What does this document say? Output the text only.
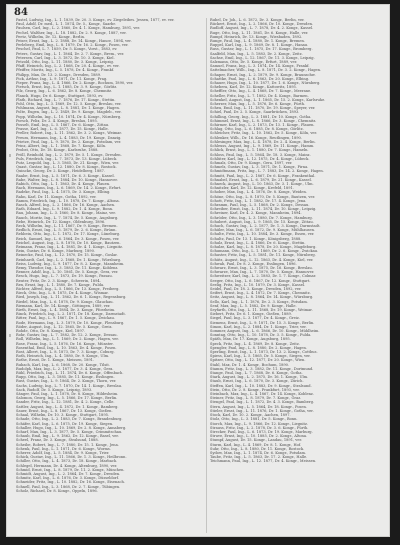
84

Pastel, Ludwig, Ing., L. 1. 1839, Dr. 20. 3. Kongr., ev. Ziegeleibes. Jessen, 1877, ev. ver.

Paul, Adolf, Dr. med., L. 1. 1874, Dr. 5., Kongr., Saarbr.

Paulsen, Carl, Ing., L. 2. 1860, Dr. 4. 1. Kongr., Hamburg, 1891, ver.

Pechel, Walther, Ing., L. 18. 1882, Dr. 2. 9. Kongr., 1887, ver.

Peetz, Wilhelm, Dr. 12. Kongr., Berlin.

Peiser, Ernst, Ing., L. 2. 1888, Dr. 14. Kongr., Hanov., 1894, ver.

Perleberg, Emil, Ing., L. 8. 1879, Dr. 16. 2. Kongr., Posen, ver.

Peschel, Paul, L. 7. 1859, Dr. 5. Kongr., Vorst., 1883, ev.

Peters, Gustav, Ing., L. 1. 1864, Dr. 2. 7. Kongr., Brem., ver.

Petersen, Carl, Ing., L. 3. 1872, Dr. 10. 3. Kongr., Kiel.

Petzold, Otto, Ing., L. 11. 1880, Dr. 3. Kongr., Leipzig.

Pfaff, Heinrich, Ing., L. 2. 1868, Dr. 20. 4. Kongr., ev. ver.

Pfeiffer, Moritz, Ing., L. 5. 1878, Dr. 4. Kongr., Frankf.

Philipp, Max, Dr. 13. 2. Kongr., Dresden, 1889.

Pick, Arthur, Ing., L. 9. 1871, Dr. 11. Kongr., Prag.

Pieper, Franz, Ing., L. 4. 1866, Dr. 2. Kongr., Bochum, 1890, ver.

Pietsch, Ernst, Ing., L. 1. 1885, Dr. 3. 9. Kongr., Görlitz.

Pilz, Georg, Ing., L. 6. 1862, Dr. 8. Kongr., Chemnitz.

Planck, Hugo, Dr. 6. Kongr., Stuttgart, 1893, ev.

Plath, Richard, Ing., L. 7. 1876, Dr. 17. Kongr., Stettin.

Pohl, Otto, Ing., L. 3. 1869, Dr. 12. 5. Kongr., Breslau, ver.

Pohlmann, August, Ing., L. 8. 1881, Dr. 1. Kongr., Hagen.

Polte, Eugen, Ing., L. 2. 1849, Dr. 9. Kongr., Magdeb., ver.

Popp, Wilhelm, Ing., L. 10. 1874, Dr. 4. Kongr., Nürnberg.

Porsch, Felix, Dr. 2. 4. Kongr., Breslau, 1895.

Posselt, Emil, Ing., L. 5. 1867, Dr. 6. Kongr., Zittau.

Prasse, Karl, Ing., L. 6. 1877, Dr. 15. Kongr., Halle.

Preller, Robert, Ing., L. 11. 1862, Dr. 3. 2. Kongr., Weimar.

Preuss, Hermann, Ing., L. 4. 1883, Dr. 19. Kongr., Danzig.

Prietze, Paul, Ing., L. 9. 1870, Dr. 2. Kongr., Potsdam, ver.

Prinz, Albert, Ing., L. 1. 1868, Dr. 7. Kongr., Köln.

Probst, Otto, Dr. 18. Kongr., Karlsruhe, 1888.

Pröll, Reinhold, Ing., L. 2. 1879, Dr. 5. 1. Kongr., Dresden.

Puls, Friedrich, Ing., L. 7. 1873, Dr. 13. Kongr., Lübeck.

Putz, Leopold, Ing., L. 3. 1865, Dr. 21. Kongr., Wien, ver.

Quast, Gustav, Ing., L. 12. 1880, Dr. 8. Kongr., Rostock.

Quincke, Georg, Dr. 2. Kongr., Heidelberg, 1887.

Raabe, Ernst, Ing., L. 5. 1871, Dr. 6. 3. Kongr., Kassel.

Rabe, Walter, Ing., L. 8. 1884, Dr. 10. Kongr., Hannover.

Rabich, Otto, Ing., L. 1. 1863, Dr. 4. Kongr., Plauen.

Rach, Hermann, Ing., L. 6. 1869, Dr. 14. 2. Kongr., Erfurt.

Radeke, Paul, Ing., L. 4. 1875, Dr. 3. Kongr., Elbing.

Rahn, Karl, Dr. 11. Kongr., Gotha, 1892, ver.

Ramm, Friedrich, Ing., L. 10. 1878, Dr. 7. Kongr., Altona.

Rasch, Alfred, Ing., L. 2. 1866, Dr. 16. Kongr., Aachen.

Rath, Eduard, Ing., L. 9. 1882, Dr. 1. 4. Kongr., Bonn.

Rau, Johann, Ing., L. 3. 1860, Dr. 8. Kongr., Mainz, ver.

Rauch, Moritz, Ing., L. 7. 1874, Dr. 5. Kongr., Augsburg.

Rebe, Heinrich, Dr. 12. Kongr., Oldenburg, 1896.

Reck, Wilhelm, Ing., L. 11. 1867, Dr. 9. Kongr., Bremen.

Redlich, Ernst, Ing., L. 5. 1879, Dr. 2. 6. Kongr., Brünn.

Rehbein, Otto, Ing., L. 1. 1872, Dr. 17. Kongr., Lüneburg.

Reich, Samuel, Ing., L. 6. 1864, Dr. 3. Kongr., Posen, ver.

Reichel, August, Ing., L. 8. 1876, Dr. 10. Kongr., Bautzen.

Reimann, Franz, Ing., L. 4. 1881, Dr. 4. 1. Kongr., Liegnitz.

Rein, Gustav, Dr. 6. Kongr., Marburg, 1890.

Reinecke, Paul, Ing., L. 12. 1870, Dr. 15. Kongr., Goslar.

Reinhardt, Carl, Ing., L. 2. 1868, Dr. 1. Kongr., Würzburg.

Reiss, Ludwig, Ing., L. 9. 1877, Dr. 8. 2. Kongr., Mannheim.

Remy, Theodor, Ing., L. 3. 1883, Dr. 11. Kongr., Koblenz.

Renner, Adolf, Ing., L. 10. 1861, Dr. 5. Kongr., Gera, ver.

Resch, Hugo, Ing., L. 7. 1873, Dr. 19. Kongr., Passau.

Reuter, Fritz, Dr. 2. 3. Kongr., Schwerin, 1894.

Rex, Ernst, Ing., L. 1. 1880, Dr. 7. Kongr., Fulda.

Richter, Alfred, Ing., L. 5. 1866, Dr. 13. Kongr., Freiberg.

Rieck, Otto, Ing., L. 8. 1875, Dr. 4. Kongr., Wismar.

Ried, Joseph, Ing., L. 11. 1862, Dr. 6. 1. Kongr., Regensburg.

Riedel, Max, Ing., L. 6. 1878, Dr. 9. Kongr., Glauchau.

Riemann, Karl, Dr. 14. Kongr., Göttingen, 1889, ver.

Rieth, Ernst, Ing., L. 4. 1884, Dr. 3. Kongr., Pforzheim.

Rinck, Friedrich, Ing., L. 2. 1871, Dr. 18. Kongr., Darmstadt.

Ritter, Paul, Ing., L. 9. 1867, Dr. 1. 5. Kongr., Zwickau.

Rode, Hermann, Ing., L. 3. 1879, Dr. 10. Kongr., Flensburg.

Röder, August, Ing., L. 12. 1865, Dr. 5. Kongr., Greiz.

Rohde, Otto, Dr. 8. Kongr., Kiel, 1897.

Rohr, Gustav, Ing., L. 7. 1882, Dr. 12. 2. Kongr., Dessau.

Roll, Wilhelm, Ing., L. 1. 1869, Dr. 2. Kongr., Hagen, ver.

Rose, Franz, Ing., L. 5. 1876, Dr. 16. Kongr., Münster.

Rosenthal, Emil, Ing., L. 10. 1863, Dr. 4. Kongr., Posen.

Rost, Albert, Ing., L. 8. 1873, Dr. 7. 3. Kongr., Coburg.

Roth, Heinrich, Ing., L. 4. 1880, Dr. 9. Kongr., Ulm.

Rothe, Ernst, Dr. 1. Kongr., Meissen, 1891.

Rubach, Karl, Ing., L. 6. 1868, Dr. 20. Kongr., Tilsit.

Rudolph, Max, Ing., L. 2. 1877, Dr. 3. 4. Kongr., Gera.

Rühl, Friedrich, Ing., L. 11. 1874, Dr. 6. Kongr., Offenbach.

Rupp, Otto, Ing., L. 3. 1885, Dr. 11. Kongr., Esslingen.

Rust, Gustav, Ing., L. 9. 1864, Dr. 2. Kongr., Thorn, ver.

Sachs, Ludwig, Ing., L. 7. 1870, Dr. 14. 1. Kongr., Breslau.

Sack, Rudolf, Dr. 5. Kongr., Leipzig, 1893.

Sänger, Paul, Ing., L. 1. 1878, Dr. 8. Kongr., Hildesheim.

Salomon, Georg, Ing., L. 5. 1866, Dr. 17. Kongr., Berlin.

Sander, Fritz, Ing., L. 12. 1881, Dr. 4. 2. Kongr., Celle.

Sattler, August, Ing., L. 4. 1872, Dr. 1. Kongr., Bamberg.

Sauer, Ernst, Ing., L. 8. 1867, Dr. 13. Kongr., Gießen.

Schaal, Wilhelm, Dr. 10. 3. Kongr., Stuttgart, 1895.

Schade, Otto, Ing., L. 2. 1883, Dr. 7. Kongr., Brandenburg.

Schäfer, Karl, Ing., L. 6. 1875, Dr. 19. Kongr., Siegen.

Schaller, Hugo, Ing., L. 10. 1869, Dr. 2. 8. Kongr., Annaberg.

Scharf, Max, Ing., L. 3. 1877, Dr. 5. Kongr., Crimmitschau.

Schaub, Emil, Ing., L. 9. 1862, Dr. 12. Kongr., Basel, ver.

Scheel, Franz, Dr. 3. Kongr., Stralsund, 1888.

Scheibe, Robert, Ing., L. 7. 1880, Dr. 15. 1. Kongr., Jena.

Schenk, Paul, Ing., L. 1. 1871, Dr. 6. Kongr., Worms.

Scherer, Adolf, Ing., L. 5. 1884, Dr. 9. Kongr., Trier.

Schick, Gustav, Ing., L. 11. 1866, Dr. 1. 3. Kongr., Heilbronn.

Schiller, Otto, Ing., L. 4. 1873, Dr. 18. Kongr., Marbach.

Schlegel, Hermann, Dr. 4. Kongr., Altenburg, 1890, ver.

Schmid, Ernst, Ing., L. 8. 1879, Dr. 11. 2. Kongr., München.

Schmidt, August, Ing., L. 2. 1864, Dr. 7. Kongr., Dresden.

Schmitz, Karl, Ing., L. 6. 1876, Dr. 3. Kongr., Düsseldorf.

Schneider, Fritz, Ing., L. 10. 1882, Dr. 16. Kongr., Eisenach.

Schnell, Paul, Ing., L. 3. 1868, Dr. 2. 7. Kongr., Tübingen.

Scholz, Richard, Dr. 8. Kongr., Oppeln, 1896.

Rubel, Dr. Joh., L. 6. 1872, Dr. 3. Kongr., Berlin, ver.

Rückert, Ernst, Ing., L. 2. 1866, Dr. 10. Kongr., Dresden.

Rudloff, August, Ing., L. 7. 1878, Dr. 4. 2. Kongr., Kassel.

Ruge, Otto, Ing., L. 11. 1861, Dr. 6. Kongr., Halle, ver.

Rumpf, Heinrich, Dr. 13. Kongr., Wiesbaden, 1892.

Runge, Paul, Ing., L. 4. 1880, Dr. 1. Kongr., Bremen.

Ruppel, Karl, Ing., L. 9. 1869, Dr. 8. 1. Kongr., Hanau.

Russ, Gustav, Ing., L. 1. 1875, Dr. 17. Kongr., Bromberg.

Saalfeld, Max, Ing., L. 5. 1883, Dr. 2. Kongr., Zeitz.

Sachse, Emil, Ing., L. 12. 1867, Dr. 11. 3. Kongr., Leipzig.

Salzmann, Otto, Dr. 5. Kongr., Erfurt, 1889, ver.

Samuel, Franz, Ing., L. 3. 1874, Dr. 14. Kongr., Frankf.

Sattelmacher, Wilh., Ing., L. 8. 1871, Dr. 3. 2. Kongr., Hagen.

Schaper, Ernst, Ing., L. 2. 1879, Dr. 9. Kongr., Braunschw.

Schattke, Paul, Ing., L. 6. 1863, Dr. 20. Kongr., Elbing.

Schauer, Hugo, Ing., L. 10. 1877, Dr. 1. 6. Kongr., Nürnberg.

Schebera, Karl, Dr. 12. Kongr., Kattowitz, 1895.

Scheffler, Otto, Ing., L. 4. 1868, Dr. 7. Kongr., Meerane.

Scheller, Fritz, Ing., L. 7. 1882, Dr. 4. Kongr., Barmen.

Schenkel, August, Ing., L. 1. 1865, Dr. 15. 2. Kongr., Karlsruhe.

Scherzer, Max, Ing., L. 5. 1876, Dr. 6. Kongr., Fürth.

Scheu, Emil, Ing., L. 11. 1870, Dr. 19. Kongr., Speyer, ver.

Schiel, Paul, Dr. 2. 5. Kongr., Saarbrücken, 1893.

Schilling, Georg, Ing., L. 3. 1881, Dr. 10. Kongr., Gotha.

Schimmel, Ernst, Ing., L. 8. 1866, Dr. 3. Kongr., Chemnitz.

Schirmer, Karl, Ing., L. 2. 1873, Dr. 13. 1. Kongr., Plauen.

Schlag, Otto, Ing., L. 6. 1885, Dr. 8. Kongr., Görlitz.

Schleicher, Fritz, Ing., L. 10. 1862, Dr. 5. Kongr., Köln, ver.

Schlenker, Wilh., Dr. 16. Kongr., Reutlingen, 1890.

Schlesinger, Max, Ing., L. 4. 1878, Dr. 2. 4. Kongr., Berlin.

Schleuss, August, Ing., L. 9. 1869, Dr. 11. Kongr., Hamm.

Schlick, Ernst, Ing., L. 1. 1880, Dr. 7. Kongr., Hameln.

Schloss, Paul, Ing., L. 5. 1864, Dr. 18. 3. Kongr., Mainz.

Schlüter, Karl, Ing., L. 12. 1875, Dr. 4. Kongr., Lübeck.

Schmalz, Otto, Dr. 9. Kongr., Gera, 1897, ver.

Schmelz, Gustav, Ing., L. 3. 1871, Dr. 1. Kongr., Pirna.

Schmidtmann, Fritz, Ing., L. 7. 1883, Dr. 14. 2. Kongr., Hagen.

Schmitt, Paul, Ing., L. 2. 1867, Dr. 6. Kongr., Frankenthal.

Schnabel, Ernst, Ing., L. 6. 1879, Dr. 21. Kongr., Kassel.

Schneck, August, Ing., L. 10. 1863, Dr. 3. 1. Kongr., Ulm.

Schnitzler, Karl, Dr. 12. Kongr., Krefeld, 1891.

Schober, Max, Ing., L. 4. 1876, Dr. 8. Kongr., Weiden.

Schöne, Otto, Ing., L. 8. 1870, Dr. 5. Kongr., Bautzen, ver.

Schott, Fritz, Ing., L. 1. 1882, Dr. 17. 4. Kongr., Jena.

Schramm, Paul, Ing., L. 5. 1868, Dr. 2. Kongr., Dessau.

Schreiber, Ernst, Ing., L. 11. 1874, Dr. 10. Kongr., Leipzig.

Schreiner, Karl, Dr. 4. 2. Kongr., Mannheim, 1894.

Schröder, Otto, Ing., L. 3. 1880, Dr. 7. Kongr., Hamburg.

Schubert, August, Ing., L. 9. 1865, Dr. 15. Kongr., Zittau.

Schuch, Gustav, Ing., L. 2. 1877, Dr. 1. 3. Kongr., Darmstadt.

Schüler, Max, Ing., L. 6. 1872, Dr. 9. Kongr., Mühlhausen.

Schulte, Fritz, Ing., L. 10. 1884, Dr. 3. Kongr., Essen, ver.

Schultz, Paul, Dr. 13. 1. Kongr., Königsberg, 1888.

Schulz, Ernst, Ing., L. 4. 1866, Dr. 6. Kongr., Stettin.

Schulze, Karl, Ing., L. 8. 1878, Dr. 20. Kongr., Magdeburg.

Schumann, Otto, Ing., L. 1. 1869, Dr. 2. 6. Kongr., Zwickau.

Schuster, Fritz, Ing., L. 5. 1881, Dr. 11. Kongr., Nürnberg.

Schütz, August, Ing., L. 12. 1863, Dr. 4. Kongr., Kiel, ver.

Schwab, Paul, Dr. 8. 2. Kongr., Esslingen, 1896.

Schwarz, Ernst, Ing., L. 3. 1875, Dr. 16. Kongr., Breslau.

Schwarze, Max, Ing., L. 7. 1870, Dr. 5. Kongr., Hannover.

Schweitzer, Karl, Ing., L. 2. 1883, Dr. 1. 7. Kongr., Colmar.

Seeger, Otto, Ing., L. 6. 1867, Dr. 12. Kongr., Stuttgart.

Seelig, Fritz, Ing., L. 10. 1879, Dr. 3. Kongr., Kassel.

Seidel, Paul, Dr. 18. 2. Kongr., Dresden, 1892, ver.

Seifert, Ernst, Ing., L. 4. 1872, Dr. 7. Kongr., Chemnitz.

Seitz, August, Ing., L. 8. 1864, Dr. 14. Kongr., Würzburg.

Sello, Karl, Ing., L. 1. 1876, Dr. 2. 3. Kongr., Potsdam.

Senf, Max, Ing., L. 5. 1882, Dr. 9. Kongr., Halle.

Seyfarth, Otto, Ing., L. 11. 1868, Dr. 19. Kongr., Weimar.

Siebert, Fritz, Dr. 6. 1. Kongr., Gießen, 1889.

Siegel, Paul, Ing., L. 3. 1877, Dr. 4. Kongr., Greiz.

Siemens, Ernst, Ing., L. 9. 1871, Dr. 15. 3. Kongr., Berlin.

Simon, Karl, Ing., L. 2. 1884, Dr. 1. Kongr., Trier, ver.

Sommer, August, Ing., L. 6. 1866, Dr. 10. Kongr., Mühlheim.

Sonntag, Otto, Ing., L. 10. 1878, Dr. 3. 5. Kongr., Fulda.

Späth, Max, Dr. 17. Kongr., Augsburg, 1895.

Speck, Fritz, Ing., L. 4. 1869, Dr. 8. Kongr., Zeitz.

Spengler, Paul, Ing., L. 8. 1880, Dr. 2. Kongr., Hagen.

Sperling, Ernst, Ing., L. 1. 1873, Dr. 13. 2. Kongr., Cottbus.

Spiess, Karl, Ing., L. 5. 1865, Dr. 5. Kongr., Siegen, ver.

Spitzer, Otto, Ing., L. 12. 1877, Dr. 20. Kongr., Wien.

Stahl, Max, Dr. 1. 4. Kongr., Bochum, 1890.

Stamm, Fritz, Ing., L. 3. 1882, Dr. 11. Kongr., Dortmund.

Stange, Paul, Ing., L. 7. 1868, Dr. 6. Kongr., Gotha.

Stark, August, Ing., L. 2. 1875, Dr. 16. 1. Kongr., Ulm.

Staub, Ernst, Ing., L. 6. 1870, Dr. 3. Kongr., Zürich.

Steffen, Karl, Ing., L. 10. 1883, Dr. 9. Kongr., Stralsund.

Stein, Otto, Dr. 2. 8. Kongr., Frankfurt, 1893, ver.

Steinbach, Max, Ing., L. 4. 1867, Dr. 14. Kongr., Koblenz.

Steiner, Fritz, Ing., L. 8. 1879, Dr. 7. Kongr., Graz.

Stengel, Paul, Ing., L. 1. 1872, Dr. 4. 3. Kongr., Bamberg.

Stern, August, Ing., L. 5. 1864, Dr. 18. Kongr., Posen.

Stieler, Ernst, Ing., L. 11. 1876, Dr. 1. Kongr., Gotha, ver.

Stock, Karl, Dr. 10. 2. Kongr., Aachen, 1897.

Stolz, Otto, Ing., L. 3. 1881, Dr. 5. Kongr., Bonn.

Storch, Max, Ing., L. 9. 1866, Dr. 12. Kongr., Liegnitz.

Strauss, Fritz, Ing., L. 2. 1878, Dr. 3. 6. Kongr., Fürth.

Strecker, Paul, Ing., L. 6. 1873, Dr. 19. Kongr., Marburg.

Struve, Ernst, Ing., L. 10. 1885, Dr. 2. Kongr., Altona.

Stumpf, August, Dr. 15. Kongr., Landau, 1891, ver.

Sturm, Karl, Ing., L. 4. 1869, Dr. 8. 1. Kongr., Hof.

Suhr, Otto, Ing., L. 8. 1880, Dr. 11. Kongr., Rostock.

Sydow, Max, Ing., L. 1. 1874, Dr. 6. Kongr., Potsdam.

Taube, Fritz, Ing., L. 5. 1863, Dr. 17. 2. Kongr., Halle.

Teichmann, Paul, Ing., L. 12. 1877, Dr. 4. Kongr., Meissen.
